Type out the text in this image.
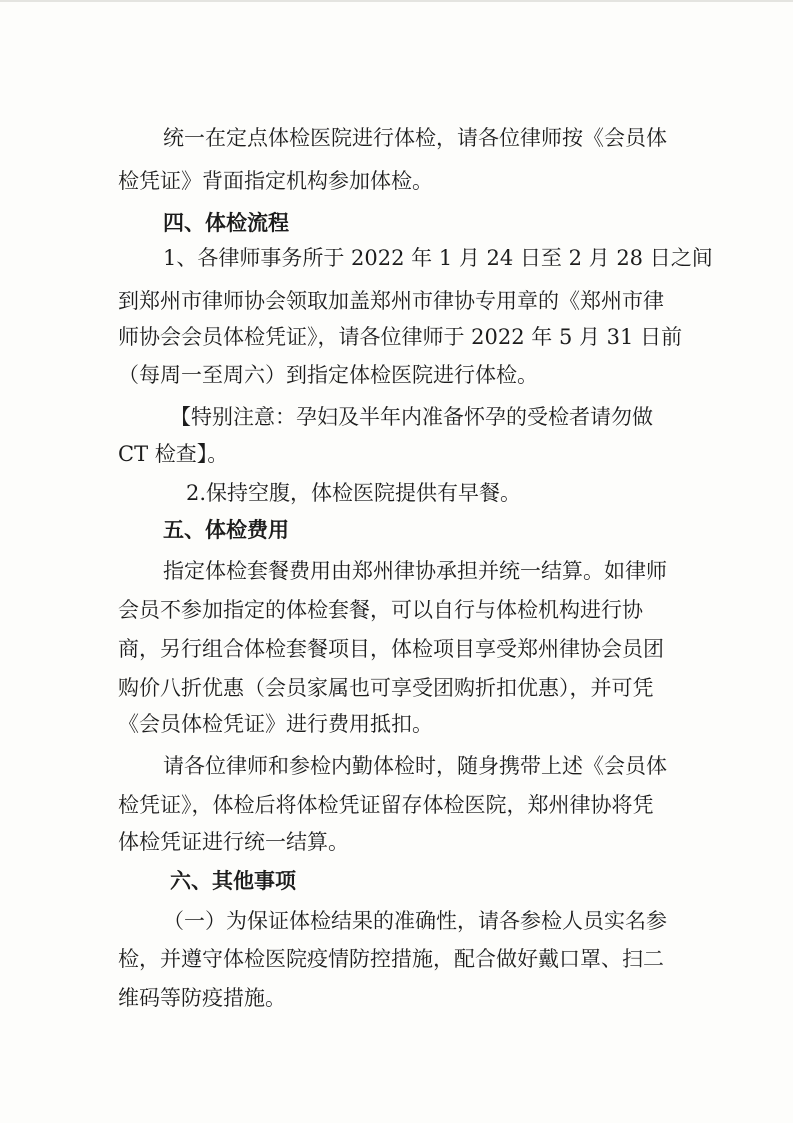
统一在定点体检医院进行体检，请各位律师按《会员体
检凭证》背面指定机构参加体检。
四、体检流程
1、各律师事务所于 2022 年 1 月 24 日至 2 月 28 日之间
到郑州市律师协会领取加盖郑州市律协专用章的《郑州市律
师协会会员体检凭证》，请各位律师于 2022 年 5 月 31 日前
（每周一至周六）到指定体检医院进行体检。
【特别注意：孕妇及半年内准备怀孕的受检者请勿做
CT 检查】。
2.保持空腹，体检医院提供有早餐。
五、体检费用
指定体检套餐费用由郑州律协承担并统一结算。如律师
会员不参加指定的体检套餐，可以自行与体检机构进行协
商，另行组合体检套餐项目，体检项目享受郑州律协会员团
购价八折优惠（会员家属也可享受团购折扣优惠），并可凭
《会员体检凭证》进行费用抵扣。
请各位律师和参检内勤体检时，随身携带上述《会员体
检凭证》，体检后将体检凭证留存体检医院，郑州律协将凭
体检凭证进行统一结算。
六、其他事项
（一）为保证体检结果的准确性，请各参检人员实名参
检，并遵守体检医院疫情防控措施，配合做好戴口罩、扫二
维码等防疫措施。
